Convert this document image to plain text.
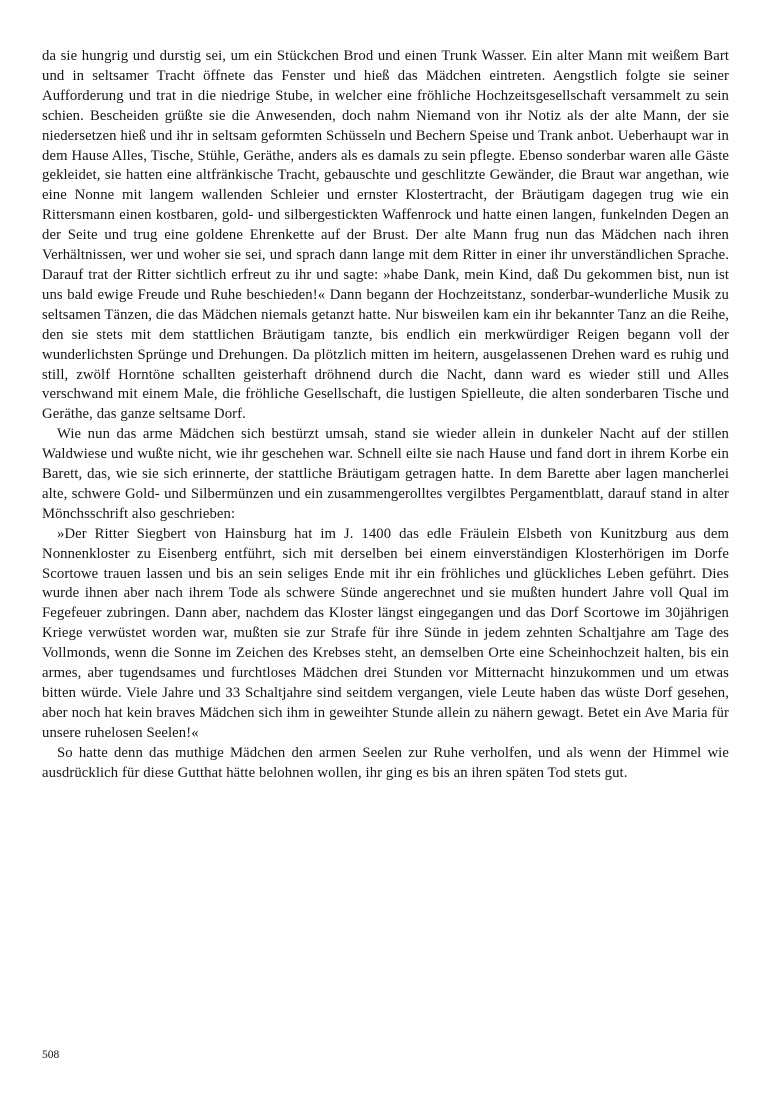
da sie hungrig und durstig sei, um ein Stückchen Brod und einen Trunk Wasser. Ein alter Mann mit weißem Bart und in seltsamer Tracht öffnete das Fenster und hieß das Mädchen eintreten. Aengstlich folgte sie seiner Aufforderung und trat in die niedrige Stube, in welcher eine fröhliche Hochzeitsgesellschaft versammelt zu sein schien. Bescheiden grüßte sie die Anwesenden, doch nahm Niemand von ihr Notiz als der alte Mann, der sie niedersetzen hieß und ihr in seltsam geformten Schüsseln und Bechern Speise und Trank anbot. Ueberhaupt war in dem Hause Alles, Tische, Stühle, Geräthe, anders als es damals zu sein pflegte. Ebenso sonderbar waren alle Gäste gekleidet, sie hatten eine altfränkische Tracht, gebauschte und geschlitzte Gewänder, die Braut war angethan, wie eine Nonne mit langem wallenden Schleier und ernster Klostertracht, der Bräutigam dagegen trug wie ein Rittersmann einen kostbaren, gold- und silbergestickten Waffenrock und hatte einen langen, funkelnden Degen an der Seite und trug eine goldene Ehrenkette auf der Brust. Der alte Mann frug nun das Mädchen nach ihren Verhältnissen, wer und woher sie sei, und sprach dann lange mit dem Ritter in einer ihr unverständlichen Sprache. Darauf trat der Ritter sichtlich erfreut zu ihr und sagte: »habe Dank, mein Kind, daß Du gekommen bist, nun ist uns bald ewige Freude und Ruhe beschieden!« Dann begann der Hochzeitstanz, sonderbar-wunderliche Musik zu seltsamen Tänzen, die das Mädchen niemals getanzt hatte. Nur bisweilen kam ein ihr bekannter Tanz an die Reihe, den sie stets mit dem stattlichen Bräutigam tanzte, bis endlich ein merkwürdiger Reigen begann voll der wunderlichsten Sprünge und Drehungen. Da plötzlich mitten im heitern, ausgelassenen Drehen ward es ruhig und still, zwölf Horntöne schallten geisterhaft dröhnend durch die Nacht, dann ward es wieder still und Alles verschwand mit einem Male, die fröhliche Gesellschaft, die lustigen Spielleute, die alten sonderbaren Tische und Geräthe, das ganze seltsame Dorf.

Wie nun das arme Mädchen sich bestürzt umsah, stand sie wieder allein in dunkeler Nacht auf der stillen Waldwiese und wußte nicht, wie ihr geschehen war. Schnell eilte sie nach Hause und fand dort in ihrem Korbe ein Barett, das, wie sie sich erinnerte, der stattliche Bräutigam getragen hatte. In dem Barette aber lagen mancherlei alte, schwere Gold- und Silbermünzen und ein zusammengerolltes vergilbtes Pergamentblatt, darauf stand in alter Mönchsschrift also geschrieben:

»Der Ritter Siegbert von Hainsburg hat im J. 1400 das edle Fräulein Elsbeth von Kunitzburg aus dem Nonnenkloster zu Eisenberg entführt, sich mit derselben bei einem einverständigen Klosterhörigen im Dorfe Scortowe trauen lassen und bis an sein seliges Ende mit ihr ein fröhliches und glückliches Leben geführt. Dies wurde ihnen aber nach ihrem Tode als schwere Sünde angerechnet und sie mußten hundert Jahre voll Qual im Fegefeuer zubringen. Dann aber, nachdem das Kloster längst eingegangen und das Dorf Scortowe im 30jährigen Kriege verwüstet worden war, mußten sie zur Strafe für ihre Sünde in jedem zehnten Schaltjahre am Tage des Vollmonds, wenn die Sonne im Zeichen des Krebses steht, an demselben Orte eine Scheinhochzeit halten, bis ein armes, aber tugendsames und furchtloses Mädchen drei Stunden vor Mitternacht hinzukommen und um etwas bitten würde. Viele Jahre und 33 Schaltjahre sind seitdem vergangen, viele Leute haben das wüste Dorf gesehen, aber noch hat kein braves Mädchen sich ihm in geweihter Stunde allein zu nähern gewagt. Betet ein Ave Maria für unsere ruhelosen Seelen!«

So hatte denn das muthige Mädchen den armen Seelen zur Ruhe verholfen, und als wenn der Himmel wie ausdrücklich für diese Gutthat hätte belohnen wollen, ihr ging es bis an ihren späten Tod stets gut.

508
